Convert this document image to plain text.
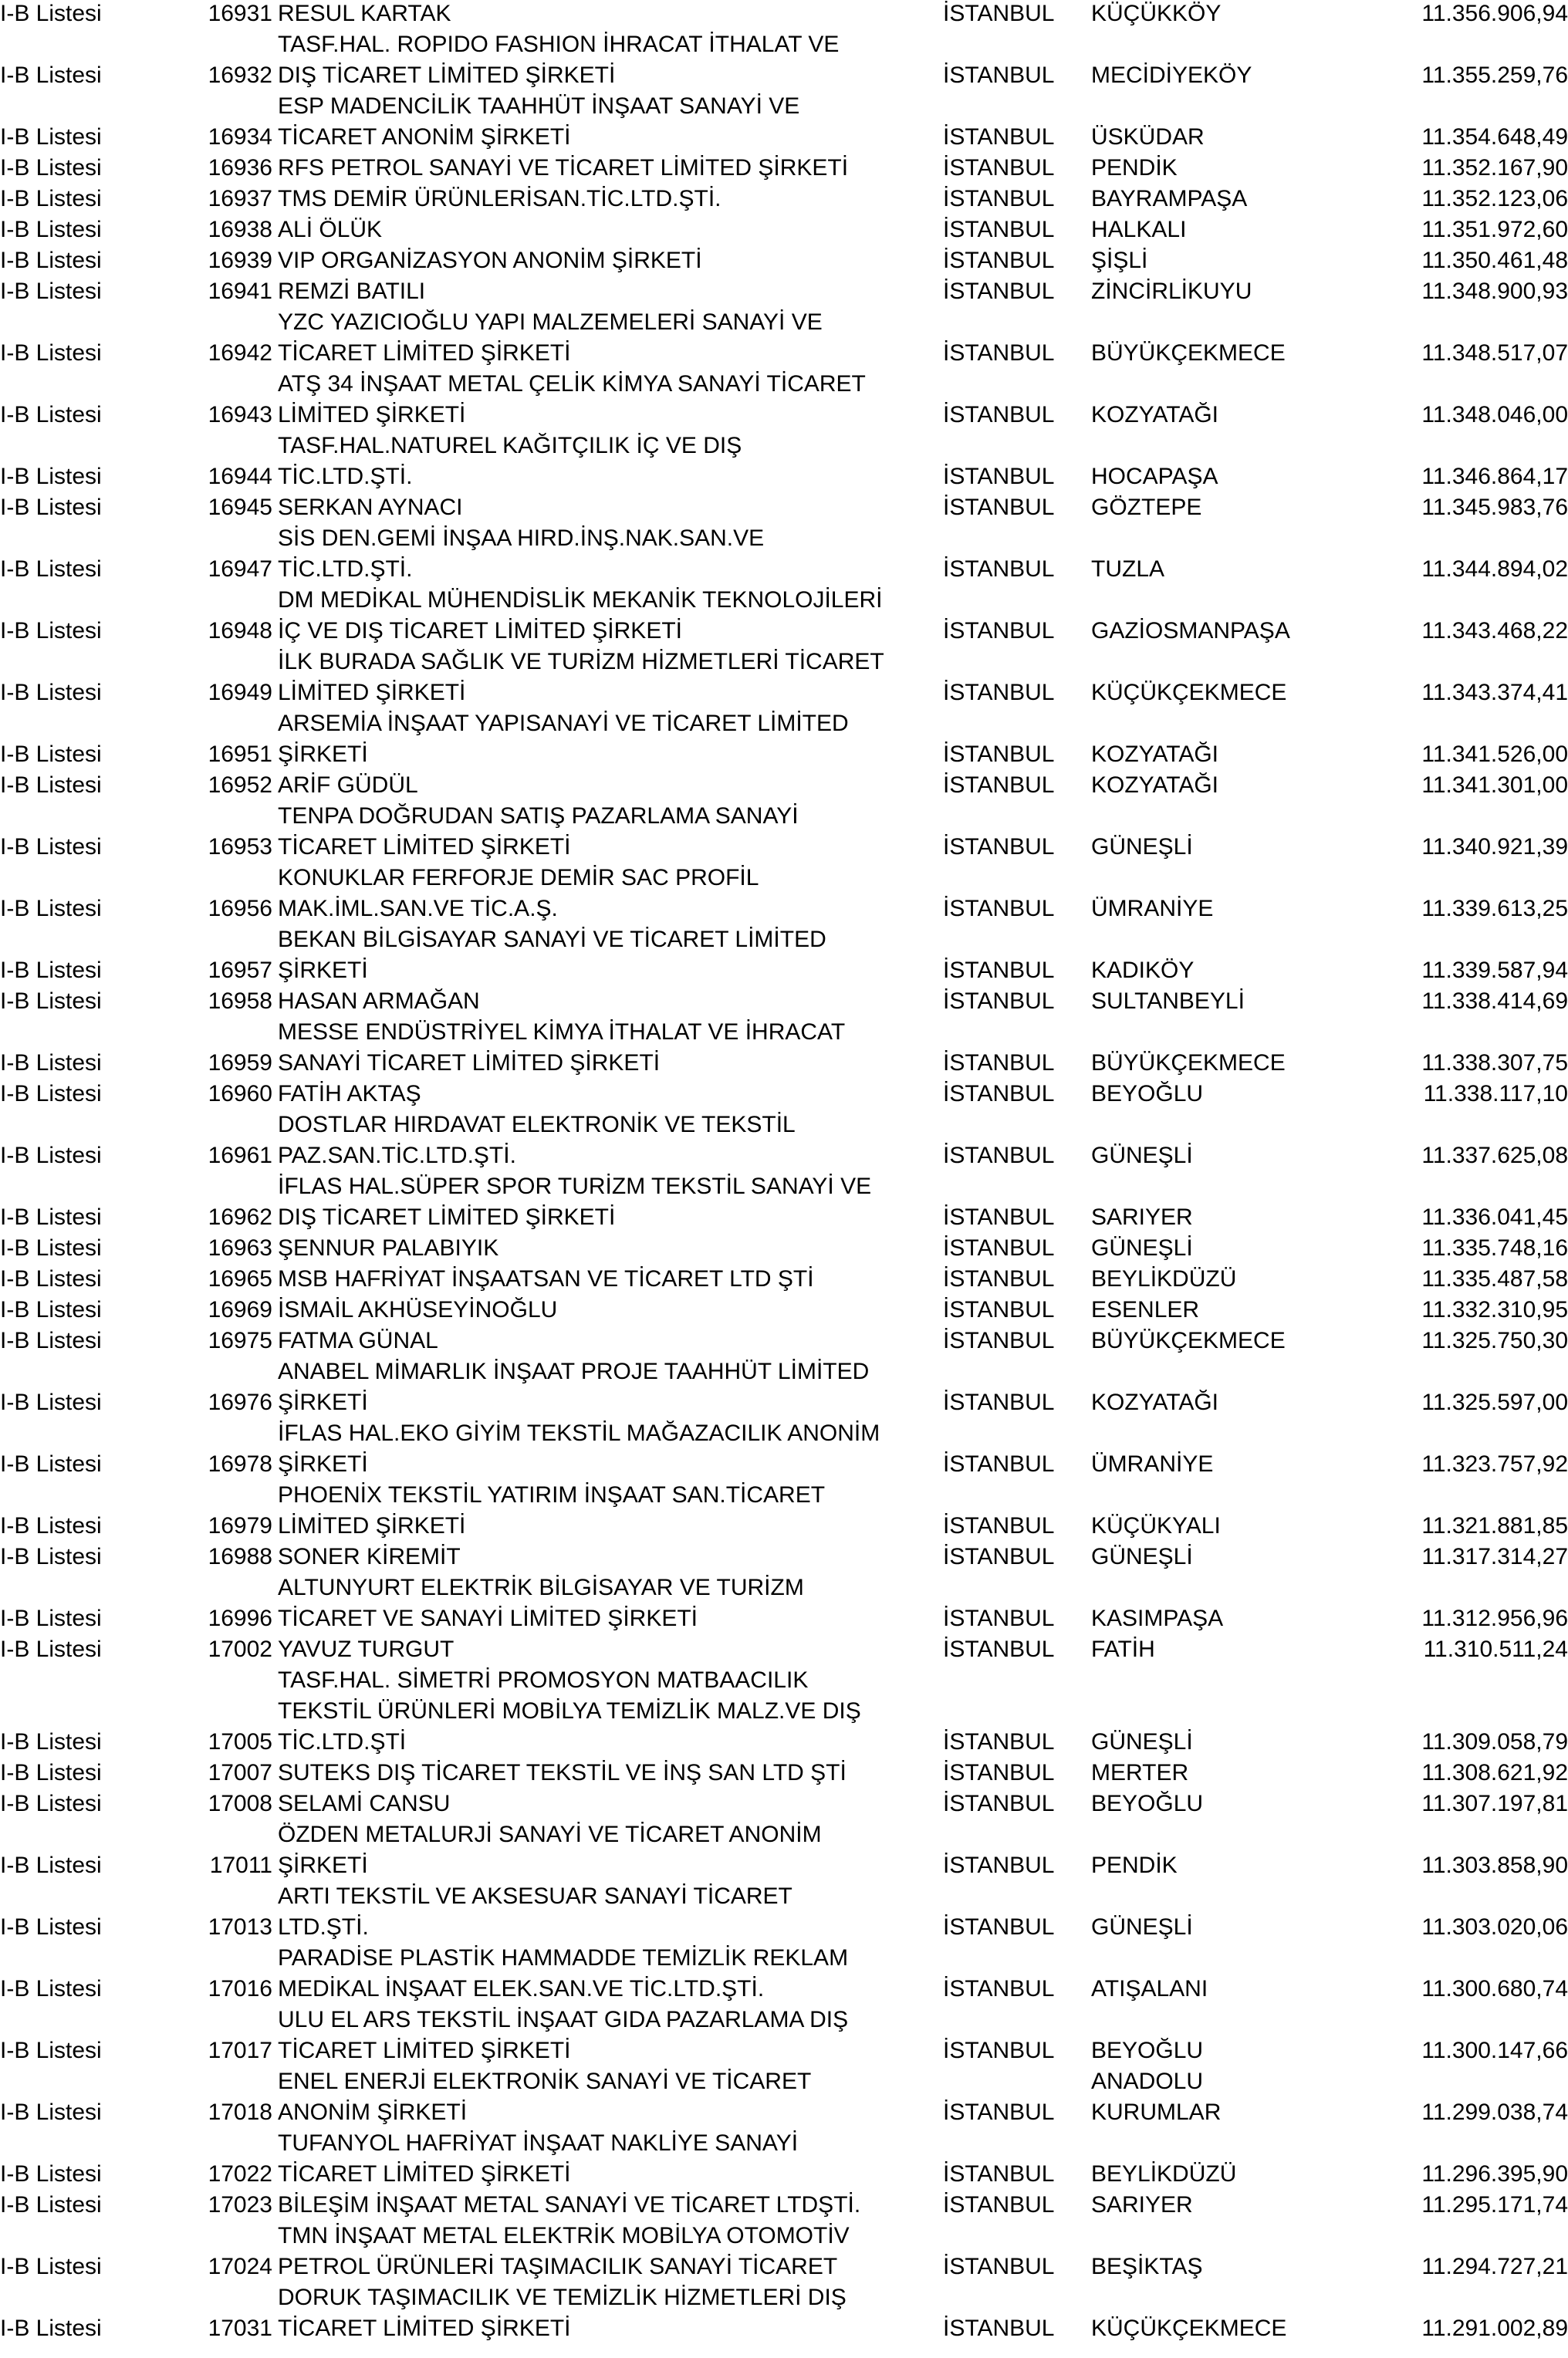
I-B Listesi	16931 RESUL KARTAK	İSTANBUL KÜÇÜKKÖY	11.356.906,94
I-B Listesi	16932
TASF.HAL. ROPIDO FASHION İHRACAT İTHALAT VE
DIŞ TİCARET LİMİTED ŞİRKETİ	İSTANBUL MECİDİYEKÖY	11.355.259,76
I-B Listesi	16934
ESP MADENCİLİK TAAHHÜT İNŞAAT SANAYİ VE
TİCARET ANONİM ŞİRKETİ	İSTANBUL ÜSKÜDAR	11.354.648,49
I-B Listesi	16936 RFS PETROL SANAYİ VE TİCARET LİMİTED ŞİRKETİ	İSTANBUL PENDİK	11.352.167,90
I-B Listesi	16937 TMS DEMİR ÜRÜNLERİSAN.TİC.LTD.ŞTİ.	İSTANBUL BAYRAMPAŞA	11.352.123,06
I-B Listesi	16938 ALİ ÖLÜK	İSTANBUL HALKALI	11.351.972,60
I-B Listesi	16939 VIP ORGANİZASYON ANONİM ŞİRKETİ	İSTANBUL ŞİŞLİ	11.350.461,48
I-B Listesi	16941 REMZİ BATILI	İSTANBUL ZİNCİRLİKUYU	11.348.900,93
I-B Listesi	16942
YZC YAZICIOĞLU YAPI MALZEMELERİ SANAYİ VE
TİCARET LİMİTED ŞİRKETİ	İSTANBUL BÜYÜKÇEKMECE	11.348.517,07
I-B Listesi	16943
ATŞ 34 İNŞAAT METAL ÇELİK KİMYA SANAYİ TİCARET
LİMİTED ŞİRKETİ	İSTANBUL KOZYATAĞI	11.348.046,00
I-B Listesi	16944
TASF.HAL.NATUREL KAĞITÇILIK İÇ VE DIŞ
TİC.LTD.ŞTİ.	İSTANBUL HOCAPAŞA	11.346.864,17
I-B Listesi	16945 SERKAN AYNACI	İSTANBUL GÖZTEPE	11.345.983,76
I-B Listesi	16947
SİS DEN.GEMİ İNŞAA HIRD.İNŞ.NAK.SAN.VE
TİC.LTD.ŞTİ.	İSTANBUL TUZLA	11.344.894,02
I-B Listesi	16948
DM MEDİKAL MÜHENDİSLİK MEKANİK TEKNOLOJİLERİ
İÇ VE DIŞ TİCARET LİMİTED ŞİRKETİ	İSTANBUL GAZİOSMANPAŞA	11.343.468,22
I-B Listesi	16949
İLK BURADA SAĞLIK VE TURİZM HİZMETLERİ TİCARET
LİMİTED ŞİRKETİ	İSTANBUL KÜÇÜKÇEKMECE	11.343.374,41
I-B Listesi	16951
ARSEMİA İNŞAAT YAPISANAYİ VE TİCARET LİMİTED
ŞİRKETİ	İSTANBUL KOZYATAĞI	11.341.526,00
I-B Listesi	16952 ARİF GÜDÜL	İSTANBUL KOZYATAĞI	11.341.301,00
I-B Listesi	16953
TENPA DOĞRUDAN SATIŞ PAZARLAMA SANAYİ
TİCARET LİMİTED ŞİRKETİ	İSTANBUL GÜNEŞLİ	11.340.921,39
I-B Listesi	16956
KONUKLAR FERFORJE DEMİR SAC PROFİL
MAK.İML.SAN.VE TİC.A.Ş.	İSTANBUL ÜMRANİYE	11.339.613,25
I-B Listesi	16957
BEKAN BİLGİSAYAR SANAYİ VE TİCARET LİMİTED
ŞİRKETİ	İSTANBUL KADIKÖY	11.339.587,94
I-B Listesi	16958 HASAN ARMAĞAN	İSTANBUL SULTANBEYLİ	11.338.414,69
I-B Listesi	16959
MESSE ENDÜSTRİYEL KİMYA İTHALAT VE İHRACAT
SANAYİ TİCARET LİMİTED ŞİRKETİ	İSTANBUL BÜYÜKÇEKMECE	11.338.307,75
I-B Listesi	16960 FATİH AKTAŞ	İSTANBUL BEYOĞLU	11.338.117,10
I-B Listesi	16961
DOSTLAR HIRDAVAT ELEKTRONİK VE TEKSTİL
PAZ.SAN.TİC.LTD.ŞTİ.	İSTANBUL GÜNEŞLİ	11.337.625,08
I-B Listesi	16962
İFLAS HAL.SÜPER SPOR TURİZM TEKSTİL SANAYİ VE
DIŞ TİCARET LİMİTED ŞİRKETİ	İSTANBUL SARIYER	11.336.041,45
I-B Listesi	16963 ŞENNUR PALABIYIK	İSTANBUL GÜNEŞLİ	11.335.748,16
I-B Listesi	16965 MSB HAFRİYAT İNŞAATSAN VE TİCARET LTD ŞTİ	İSTANBUL BEYLİKDÜZÜ	11.335.487,58
I-B Listesi	16969 İSMAİL AKHÜSEYİNOĞLU	İSTANBUL ESENLER	11.332.310,95
I-B Listesi	16975 FATMA GÜNAL	İSTANBUL BÜYÜKÇEKMECE	11.325.750,30
I-B Listesi	16976
ANABEL MİMARLIK İNŞAAT PROJE TAAHHÜT LİMİTED
ŞİRKETİ	İSTANBUL KOZYATAĞI	11.325.597,00
I-B Listesi	16978
İFLAS HAL.EKO GİYİM TEKSTİL MAĞAZACILIK ANONİM
ŞİRKETİ	İSTANBUL ÜMRANİYE	11.323.757,92
I-B Listesi	16979
PHOENİX TEKSTİL YATIRIM İNŞAAT SAN.TİCARET
LİMİTED ŞİRKETİ	İSTANBUL KÜÇÜKYALI	11.321.881,85
I-B Listesi	16988 SONER KİREMİT	İSTANBUL GÜNEŞLİ	11.317.314,27
I-B Listesi	16996
ALTUNYURT ELEKTRİK BİLGİSAYAR VE TURİZM
TİCARET VE SANAYİ LİMİTED ŞİRKETİ	İSTANBUL KASIMPAŞA	11.312.956,96
I-B Listesi	17002 YAVUZ TURGUT	İSTANBUL FATİH	11.310.511,24
I-B Listesi	17005
TASF.HAL. SİMETRİ PROMOSYON MATBAACILIK
TEKSTİL ÜRÜNLERİ MOBİLYA TEMİZLİK MALZ.VE DIŞ
TİC.LTD.ŞTİ	İSTANBUL GÜNEŞLİ	11.309.058,79
I-B Listesi	17007 SUTEKS DIŞ TİCARET TEKSTİL VE İNŞ SAN LTD ŞTİ	İSTANBUL MERTER	11.308.621,92
I-B Listesi	17008 SELAMİ CANSU	İSTANBUL BEYOĞLU	11.307.197,81
I-B Listesi	17011
ÖZDEN METALURJİ SANAYİ VE TİCARET ANONİM
ŞİRKETİ	İSTANBUL PENDİK	11.303.858,90
I-B Listesi	17013
ARTI TEKSTİL VE AKSESUAR SANAYİ TİCARET
LTD.ŞTİ.	İSTANBUL GÜNEŞLİ	11.303.020,06
I-B Listesi	17016
PARADİSE PLASTİK HAMMADDE TEMİZLİK REKLAM
MEDİKAL İNŞAAT ELEK.SAN.VE TİC.LTD.ŞTİ.	İSTANBUL ATIŞALANI	11.300.680,74
I-B Listesi	17017
ULU EL ARS TEKSTİL İNŞAAT GIDA PAZARLAMA DIŞ
TİCARET LİMİTED ŞİRKETİ	İSTANBUL BEYOĞLU	11.300.147,66
I-B Listesi	17018
ENEL ENERJİ ELEKTRONİK SANAYİ VE TİCARET
ANONİM ŞİRKETİ	İSTANBUL
ANADOLU
KURUMLAR	11.299.038,74
I-B Listesi	17022
TUFANYOL HAFRİYAT İNŞAAT NAKLİYE SANAYİ
TİCARET LİMİTED ŞİRKETİ	İSTANBUL BEYLİKDÜZÜ	11.296.395,90
I-B Listesi	17023 BİLEŞİM İNŞAAT METAL SANAYİ VE TİCARET LTDŞTİ.	İSTANBUL SARIYER	11.295.171,74
I-B Listesi	17024
TMN İNŞAAT METAL ELEKTRİK MOBİLYA OTOMOTİV
PETROL ÜRÜNLERİ TAŞIMACILIK SANAYİ TİCARET	İSTANBUL BEŞİKTAŞ	11.294.727,21
I-B Listesi	17031
DORUK TAŞIMACILIK VE TEMİZLİK HİZMETLERİ DIŞ
TİCARET LİMİTED ŞİRKETİ	İSTANBUL KÜÇÜKÇEKMECE	11.291.002,89
